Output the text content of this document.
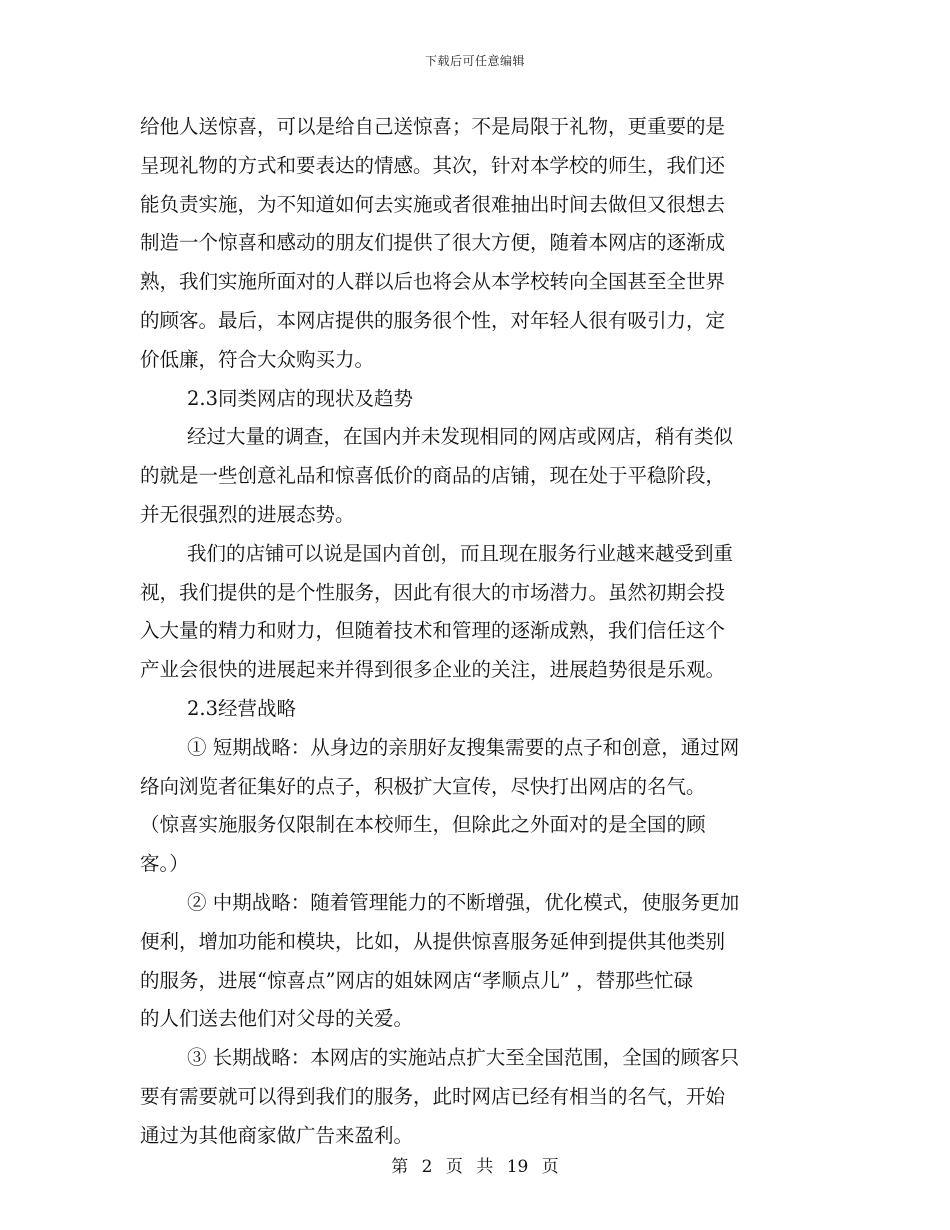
下载后可任意编辑
给他人送惊喜，可以是给自己送惊喜；不是局限于礼物，更重要的是
呈现礼物的方式和要表达的情感。其次，针对本学校的师生，我们还
能负责实施，为不知道如何去实施或者很难抽出时间去做但又很想去
制造一个惊喜和感动的朋友们提供了很大方便，随着本网店的逐渐成
熟，我们实施所面对的人群以后也将会从本学校转向全国甚至全世界
的顾客。最后，本网店提供的服务很个性，对年轻人很有吸引力，定
价低廉，符合大众购买力。
2.3同类网店的现状及趋势
经过大量的调查，在国内并未发现相同的网店或网店，稍有类似
的就是一些创意礼品和惊喜低价的商品的店铺，现在处于平稳阶段，
并无很强烈的进展态势。
我们的店铺可以说是国内首创，而且现在服务行业越来越受到重
视，我们提供的是个性服务，因此有很大的市场潜力。虽然初期会投
入大量的精力和财力，但随着技术和管理的逐渐成熟，我们信任这个
产业会很快的进展起来并得到很多企业的关注，进展趋势很是乐观。
2.3经营战略
① 短期战略：从身边的亲朋好友搜集需要的点子和创意，通过网
络向浏览者征集好的点子，积极扩大宣传，尽快打出网店的名气。
（惊喜实施服务仅限制在本校师生，但除此之外面对的是全国的顾
客。）
② 中期战略：随着管理能力的不断增强，优化模式，使服务更加
便利，增加功能和模块，比如，从提供惊喜服务延伸到提供其他类别
的服务，进展“惊喜点”网店的姐妹网店“孝顺点儿” ，替那些忙碌
的人们送去他们对父母的关爱。
③ 长期战略：本网店的实施站点扩大至全国范围，全国的顾客只
要有需要就可以得到我们的服务，此时网店已经有相当的名气，开始
通过为其他商家做广告来盈利。
第 2 页 共 19 页
